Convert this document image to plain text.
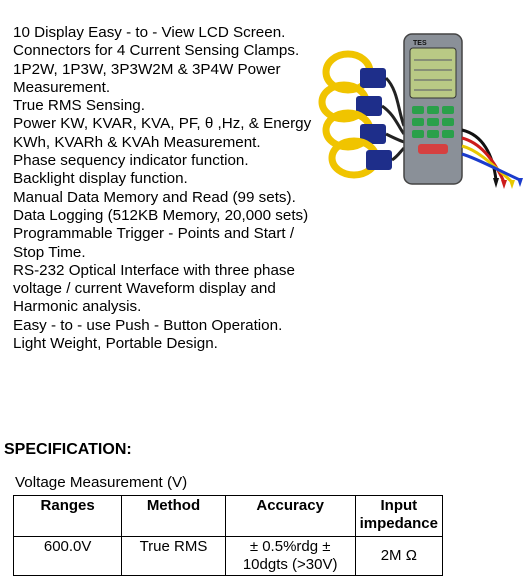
10 Display Easy - to - View LCD Screen.

Connectors for 4 Current Sensing Clamps.

1P2W, 1P3W, 3P3W2M & 3P4W Power Measurement.

True RMS Sensing.

Power KW, KVAR, KVA, PF, θ ,Hz, & Energy KWh, KVARh & KVAh Measurement.

Phase sequency indicator function.

Backlight display function.

Manual Data Memory and Read (99 sets).

Data Logging (512KB Memory, 20,000 sets)

Programmable Trigger - Points and Start / Stop Time.

RS-232 Optical Interface with three phase voltage / current Waveform display and Harmonic analysis.

Easy - to - use Push - Button Operation.

Light Weight, Portable Design.

TES
SPECIFICATION:
Voltage Measurement (V)
Ranges	Method	Accuracy	Input impedance
600.0V	True RMS	± 0.5%rdg ± 10dgts (>30V)	2M Ω
